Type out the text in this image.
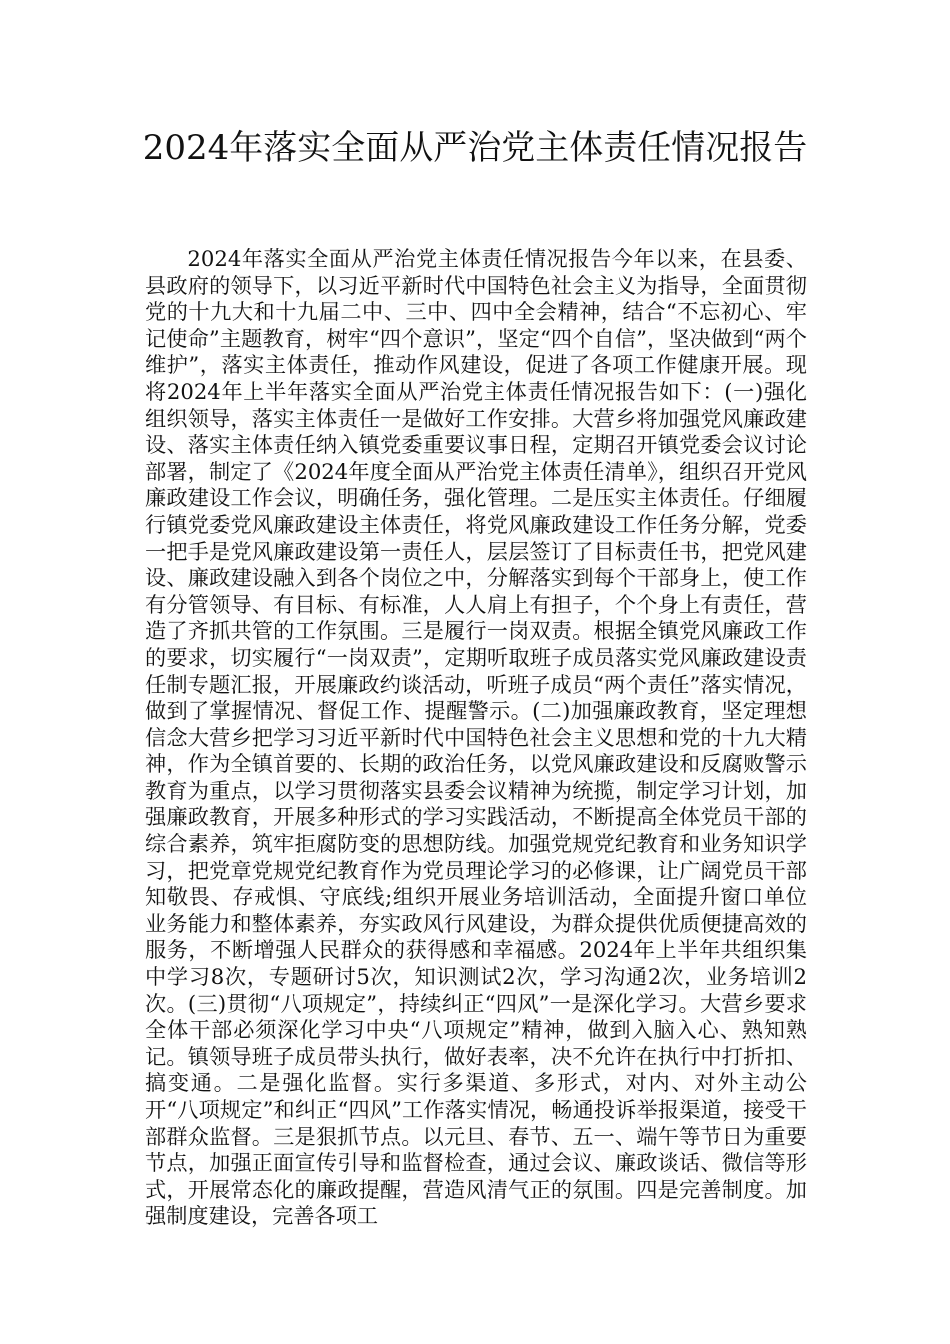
2024年落实全面从严治党主体责任情况报告

2024年落实全面从严治党主体责任情况报告今年以来，在县委、县政府的领导下，以习近平新时代中国特色社会主义为指导，全面贯彻党的十九大和十九届二中、三中、四中全会精神，结合“不忘初心、牢记使命”主题教育，树牢“四个意识”，坚定“四个自信”，坚决做到“两个维护”，落实主体责任，推动作风建设，促进了各项工作健康开展。现将2024年上半年落实全面从严治党主体责任情况报告如下：(一)强化组织领导，落实主体责任一是做好工作安排。大营乡将加强党风廉政建设、落实主体责任纳入镇党委重要议事日程，定期召开镇党委会议讨论部署，制定了《2024年度全面从严治党主体责任清单》，组织召开党风廉政建设工作会议，明确任务，强化管理。二是压实主体责任。仔细履行镇党委党风廉政建设主体责任，将党风廉政建设工作任务分解，党委一把手是党风廉政建设第一责任人，层层签订了目标责任书，把党风建设、廉政建设融入到各个岗位之中，分解落实到每个干部身上，使工作有分管领导、有目标、有标准，人人肩上有担子，个个身上有责任，营造了齐抓共管的工作氛围。三是履行一岗双责。根据全镇党风廉政工作的要求，切实履行“一岗双责”，定期听取班子成员落实党风廉政建设责任制专题汇报，开展廉政约谈活动，听班子成员“两个责任”落实情况，做到了掌握情况、督促工作、提醒警示。(二)加强廉政教育，坚定理想信念大营乡把学习习近平新时代中国特色社会主义思想和党的十九大精神，作为全镇首要的、长期的政治任务，以党风廉政建设和反腐败警示教育为重点，以学习贯彻落实县委会议精神为统揽，制定学习计划，加强廉政教育，开展多种形式的学习实践活动，不断提高全体党员干部的综合素养，筑牢拒腐防变的思想防线。加强党规党纪教育和业务知识学习，把党章党规党纪教育作为党员理论学习的必修课，让广阔党员干部知敬畏、存戒惧、守底线;组织开展业务培训活动，全面提升窗口单位业务能力和整体素养，夯实政风行风建设，为群众提供优质便捷高效的服务，不断增强人民群众的获得感和幸福感。2024年上半年共组织集中学习8次，专题研讨5次，知识测试2次，学习沟通2次，业务培训2次。(三)贯彻“八项规定”，持续纠正“四风”一是深化学习。大营乡要求全体干部必须深化学习中央“八项规定”精神，做到入脑入心、熟知熟记。镇领导班子成员带头执行，做好表率，决不允许在执行中打折扣、搞变通。二是强化监督。实行多渠道、多形式，对内、对外主动公开“八项规定”和纠正“四风”工作落实情况，畅通投诉举报渠道，接受干部群众监督。三是狠抓节点。以元旦、春节、五一、端午等节日为重要节点，加强正面宣传引导和监督检查，通过会议、廉政谈话、微信等形式，开展常态化的廉政提醒，营造风清气正的氛围。四是完善制度。加强制度建设，完善各项工
